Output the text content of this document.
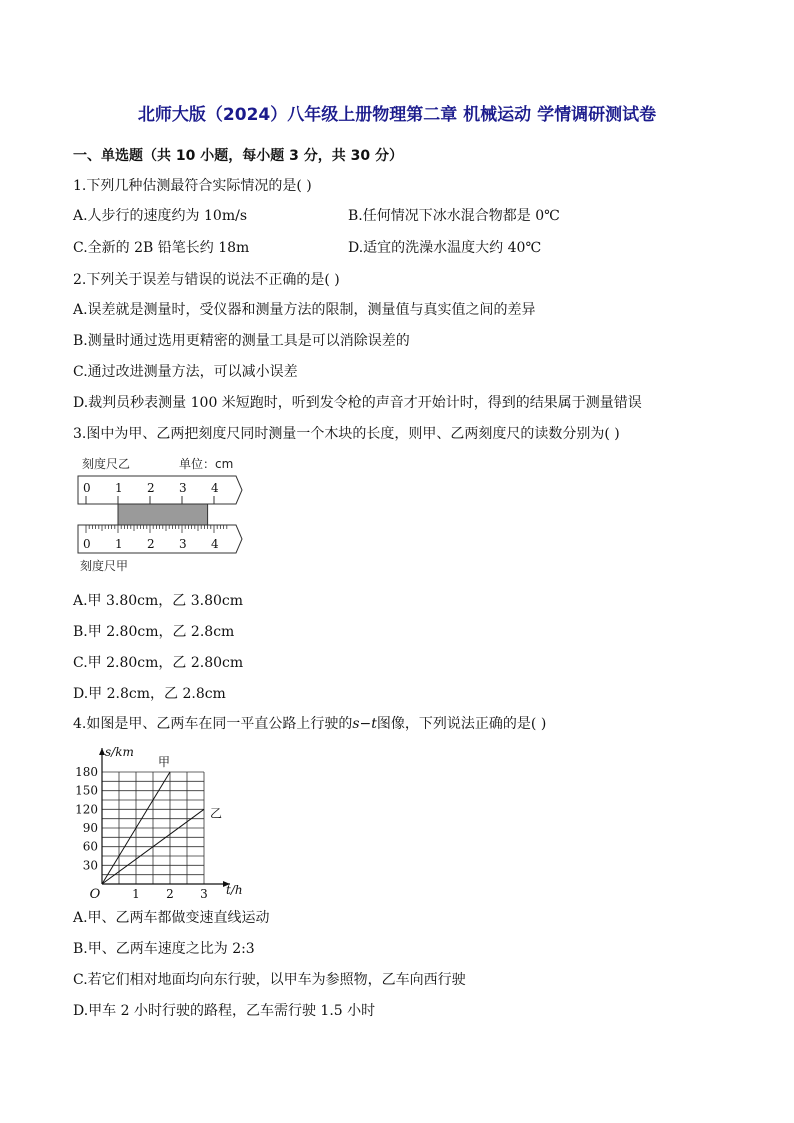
北师大版（2024）八年级上册物理第二章 机械运动 学情调研测试卷
一、单选题（共 10 小题，每小题 3 分，共 30 分）
1.下列几种估测最符合实际情况的是( )
A.人步行的速度约为 10m/s	B.任何情况下冰水混合物都是 0℃
C.全新的 2B 铅笔长约 18m	D.适宜的洗澡水温度大约 40℃
2.下列关于误差与错误的说法不正确的是( )
A.误差就是测量时，受仪器和测量方法的限制，测量值与真实值之间的差异
B.测量时通过选用更精密的测量工具是可以消除误差的
C.通过改进测量方法，可以减小误差
D.裁判员秒表测量 100 米短跑时，听到发令枪的声音才开始计时，得到的结果属于测量错误
3.图中为甲、乙两把刻度尺同时测量一个木块的长度，则甲、乙两刻度尺的读数分别为( )
刻度尺乙	单位：cm
0 1 2 3 4
0 1 2 3 4
刻度尺甲
A.甲 3.80cm，乙 3.80cm
B.甲 2.80cm，乙 2.8cm
C.甲 2.80cm，乙 2.80cm
D.甲 2.8cm，乙 2.8cm
4.如图是甲、乙两车在同一平直公路上行驶的s−t图像，下列说法正确的是( )
甲
乙
30
60
90
120
150
180
1 2 3
O
s/km
t/h
A.甲、乙两车都做变速直线运动
B.甲、乙两车速度之比为 2:3
C.若它们相对地面均向东行驶，以甲车为参照物，乙车向西行驶
D.甲车 2 小时行驶的路程，乙车需行驶 1.5 小时
